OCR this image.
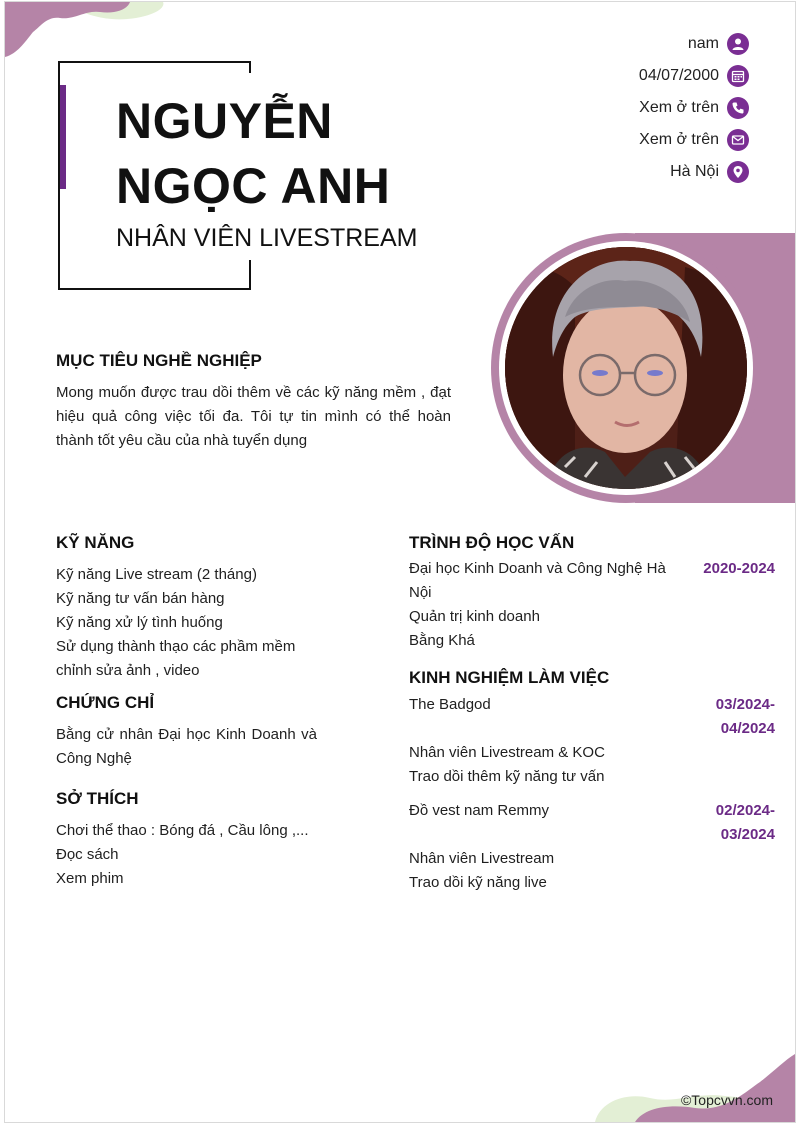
NGUYỄN
NGỌC ANH
NHÂN VIÊN LIVESTREAM
nam
04/07/2000
Xem ở trên
Xem ở trên
Hà Nội
MỤC TIÊU NGHỀ NGHIỆP
Mong muốn được trau dồi thêm về các kỹ năng mềm , đạt hiệu quả công việc tối đa. Tôi tự tin mình có thể hoàn thành tốt yêu cầu của nhà tuyển dụng
KỸ NĂNG
Kỹ năng Live stream (2 tháng)
Kỹ năng tư vấn bán hàng
Kỹ năng xử lý tình huống
Sử dụng thành thạo các phầm mềm chỉnh sửa ảnh , video
CHỨNG CHỈ
Bằng cử nhân Đại học Kinh Doanh và Công Nghệ
SỞ THÍCH
Chơi thể thao : Bóng đá , Cầu lông ,...
Đọc sách
Xem phim
TRÌNH ĐỘ HỌC VẤN
Đại học Kinh Doanh và Công Nghệ Hà Nội
2020-2024
Quản trị kinh doanh
Bằng Khá
KINH NGHIỆM LÀM VIỆC
The Badgod	03/2024-
04/2024
Nhân viên Livestream & KOC
Trao dồi thêm kỹ năng tư vấn
Đồ vest nam Remmy	02/2024-
03/2024
Nhân viên Livestream
Trao dồi kỹ năng live
©Topcvvn.com
